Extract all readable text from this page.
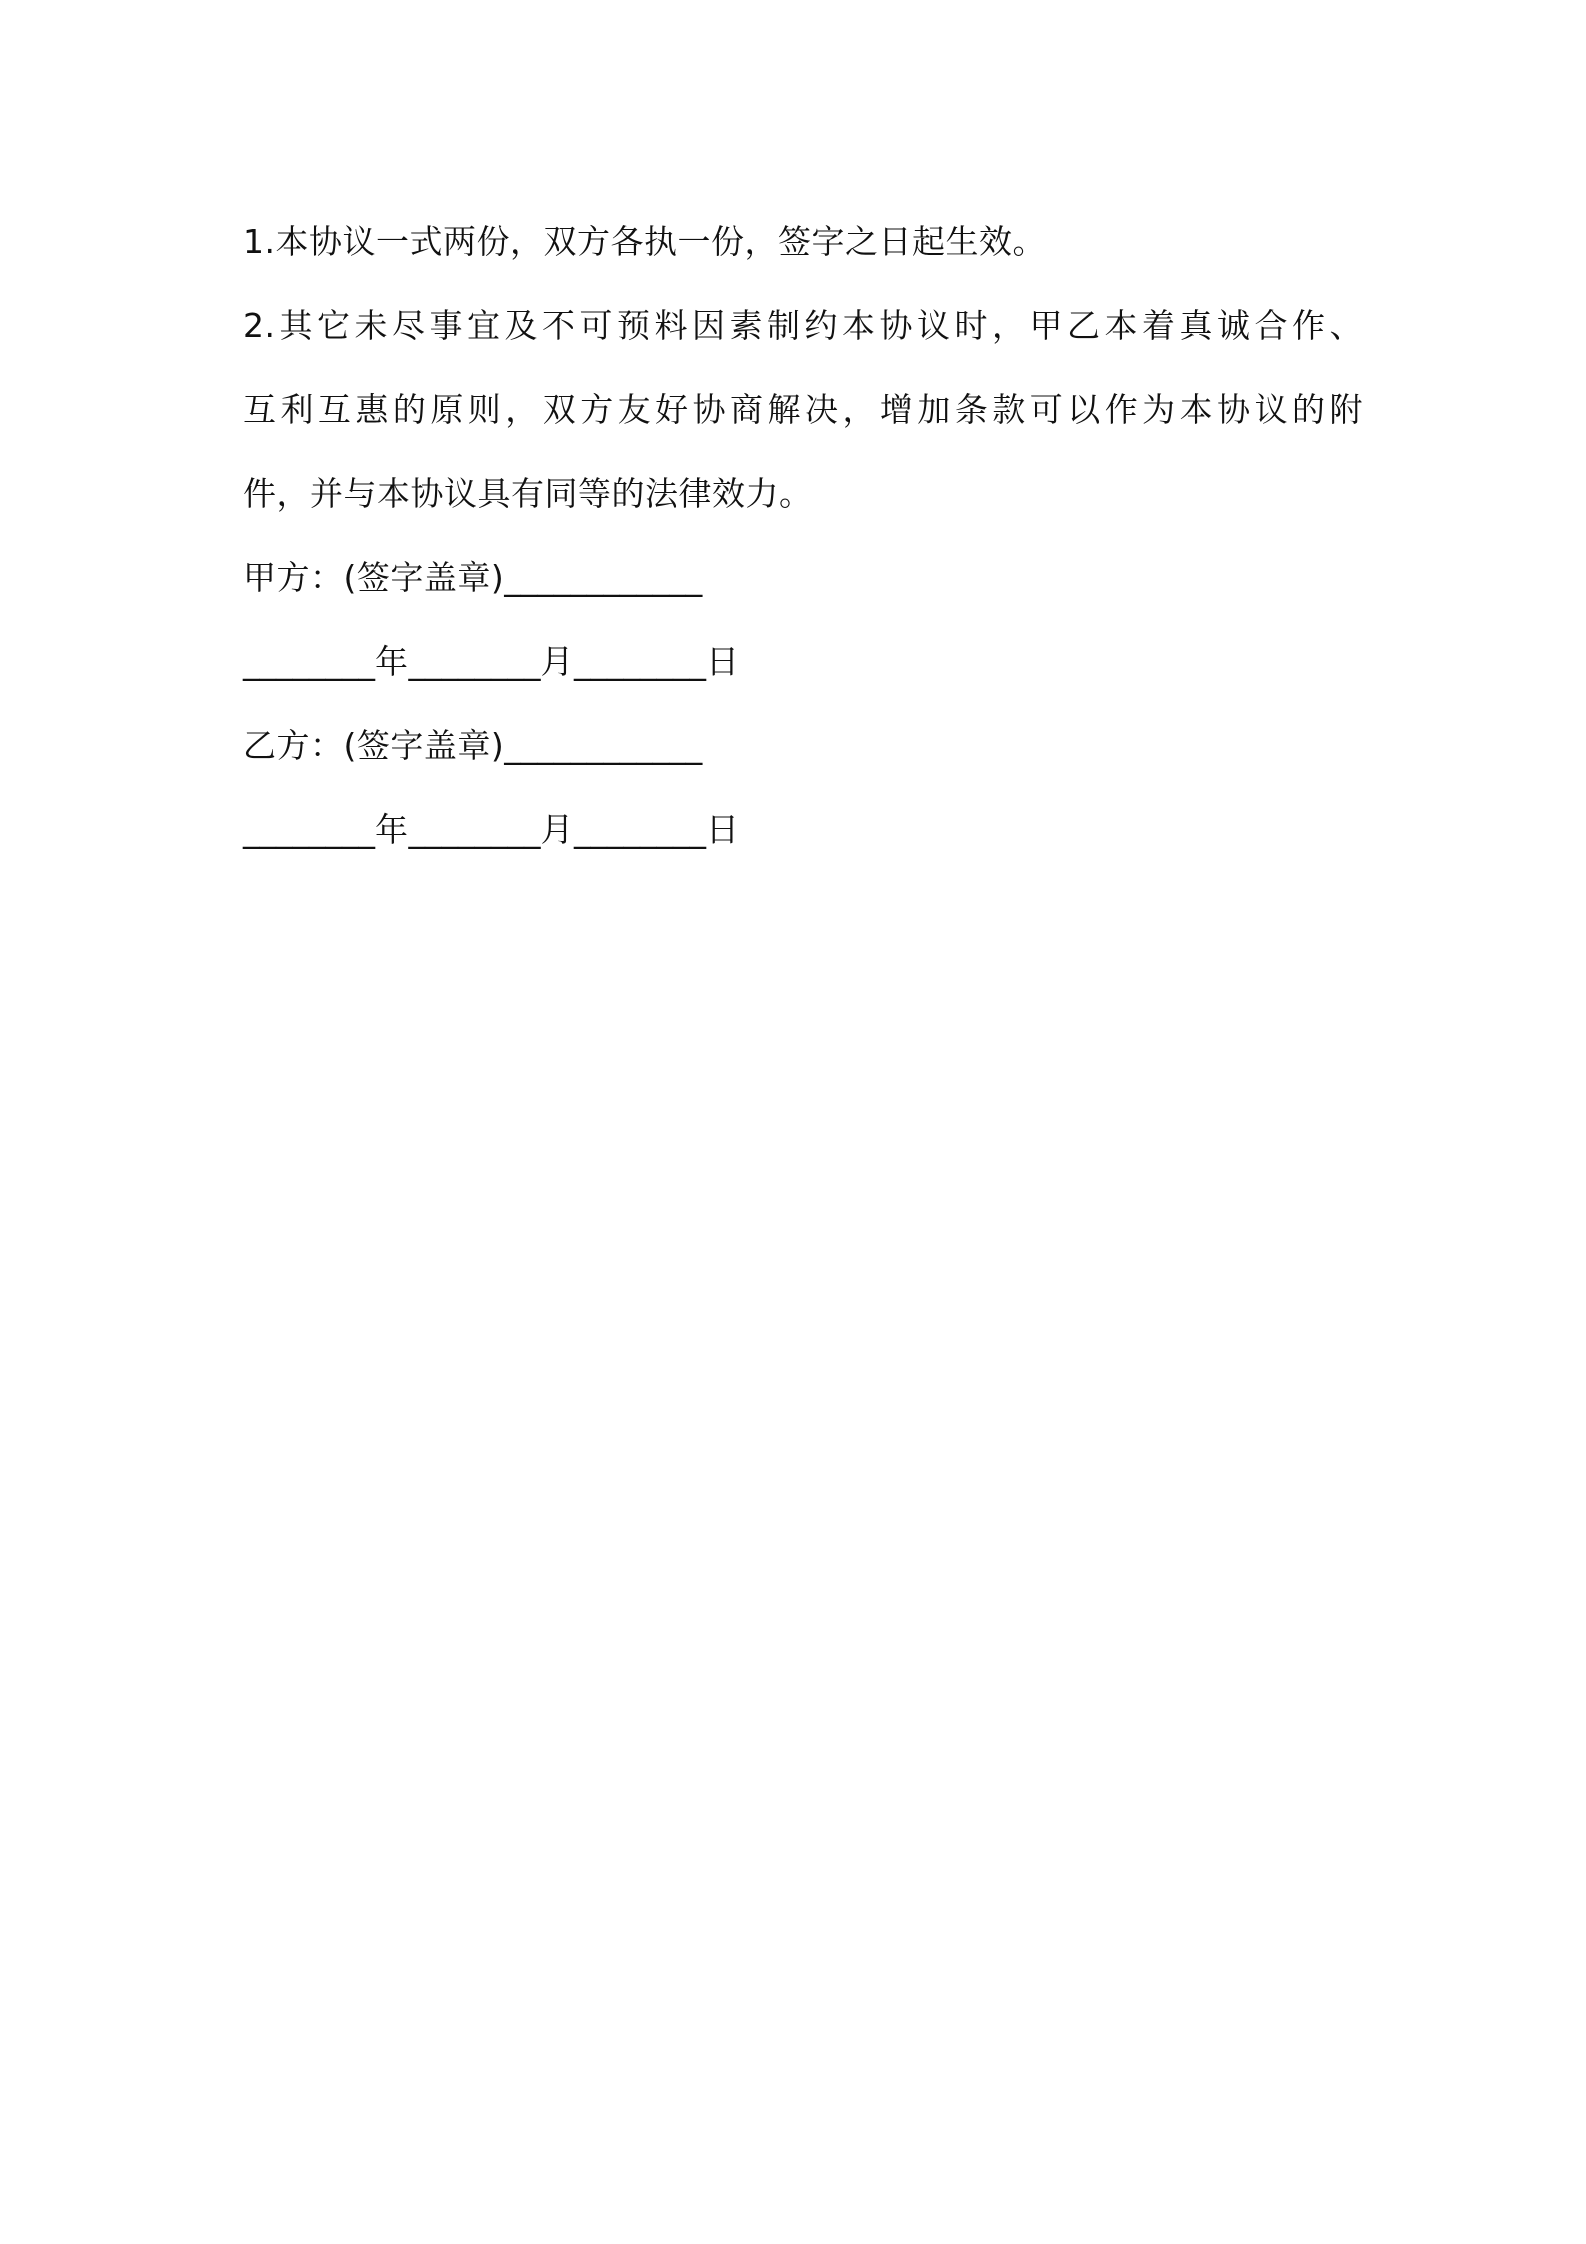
1.本协议一式两份，双方各执一份，签字之日起生效。
2.其它未尽事宜及不可预料因素制约本协议时，甲乙本着真诚合作、
互利互惠的原则，双方友好协商解决，增加条款可以作为本协议的附
件，并与本协议具有同等的法律效力。
甲方：(签字盖章)____________
________年________月________日
乙方：(签字盖章)____________
________年________月________日
